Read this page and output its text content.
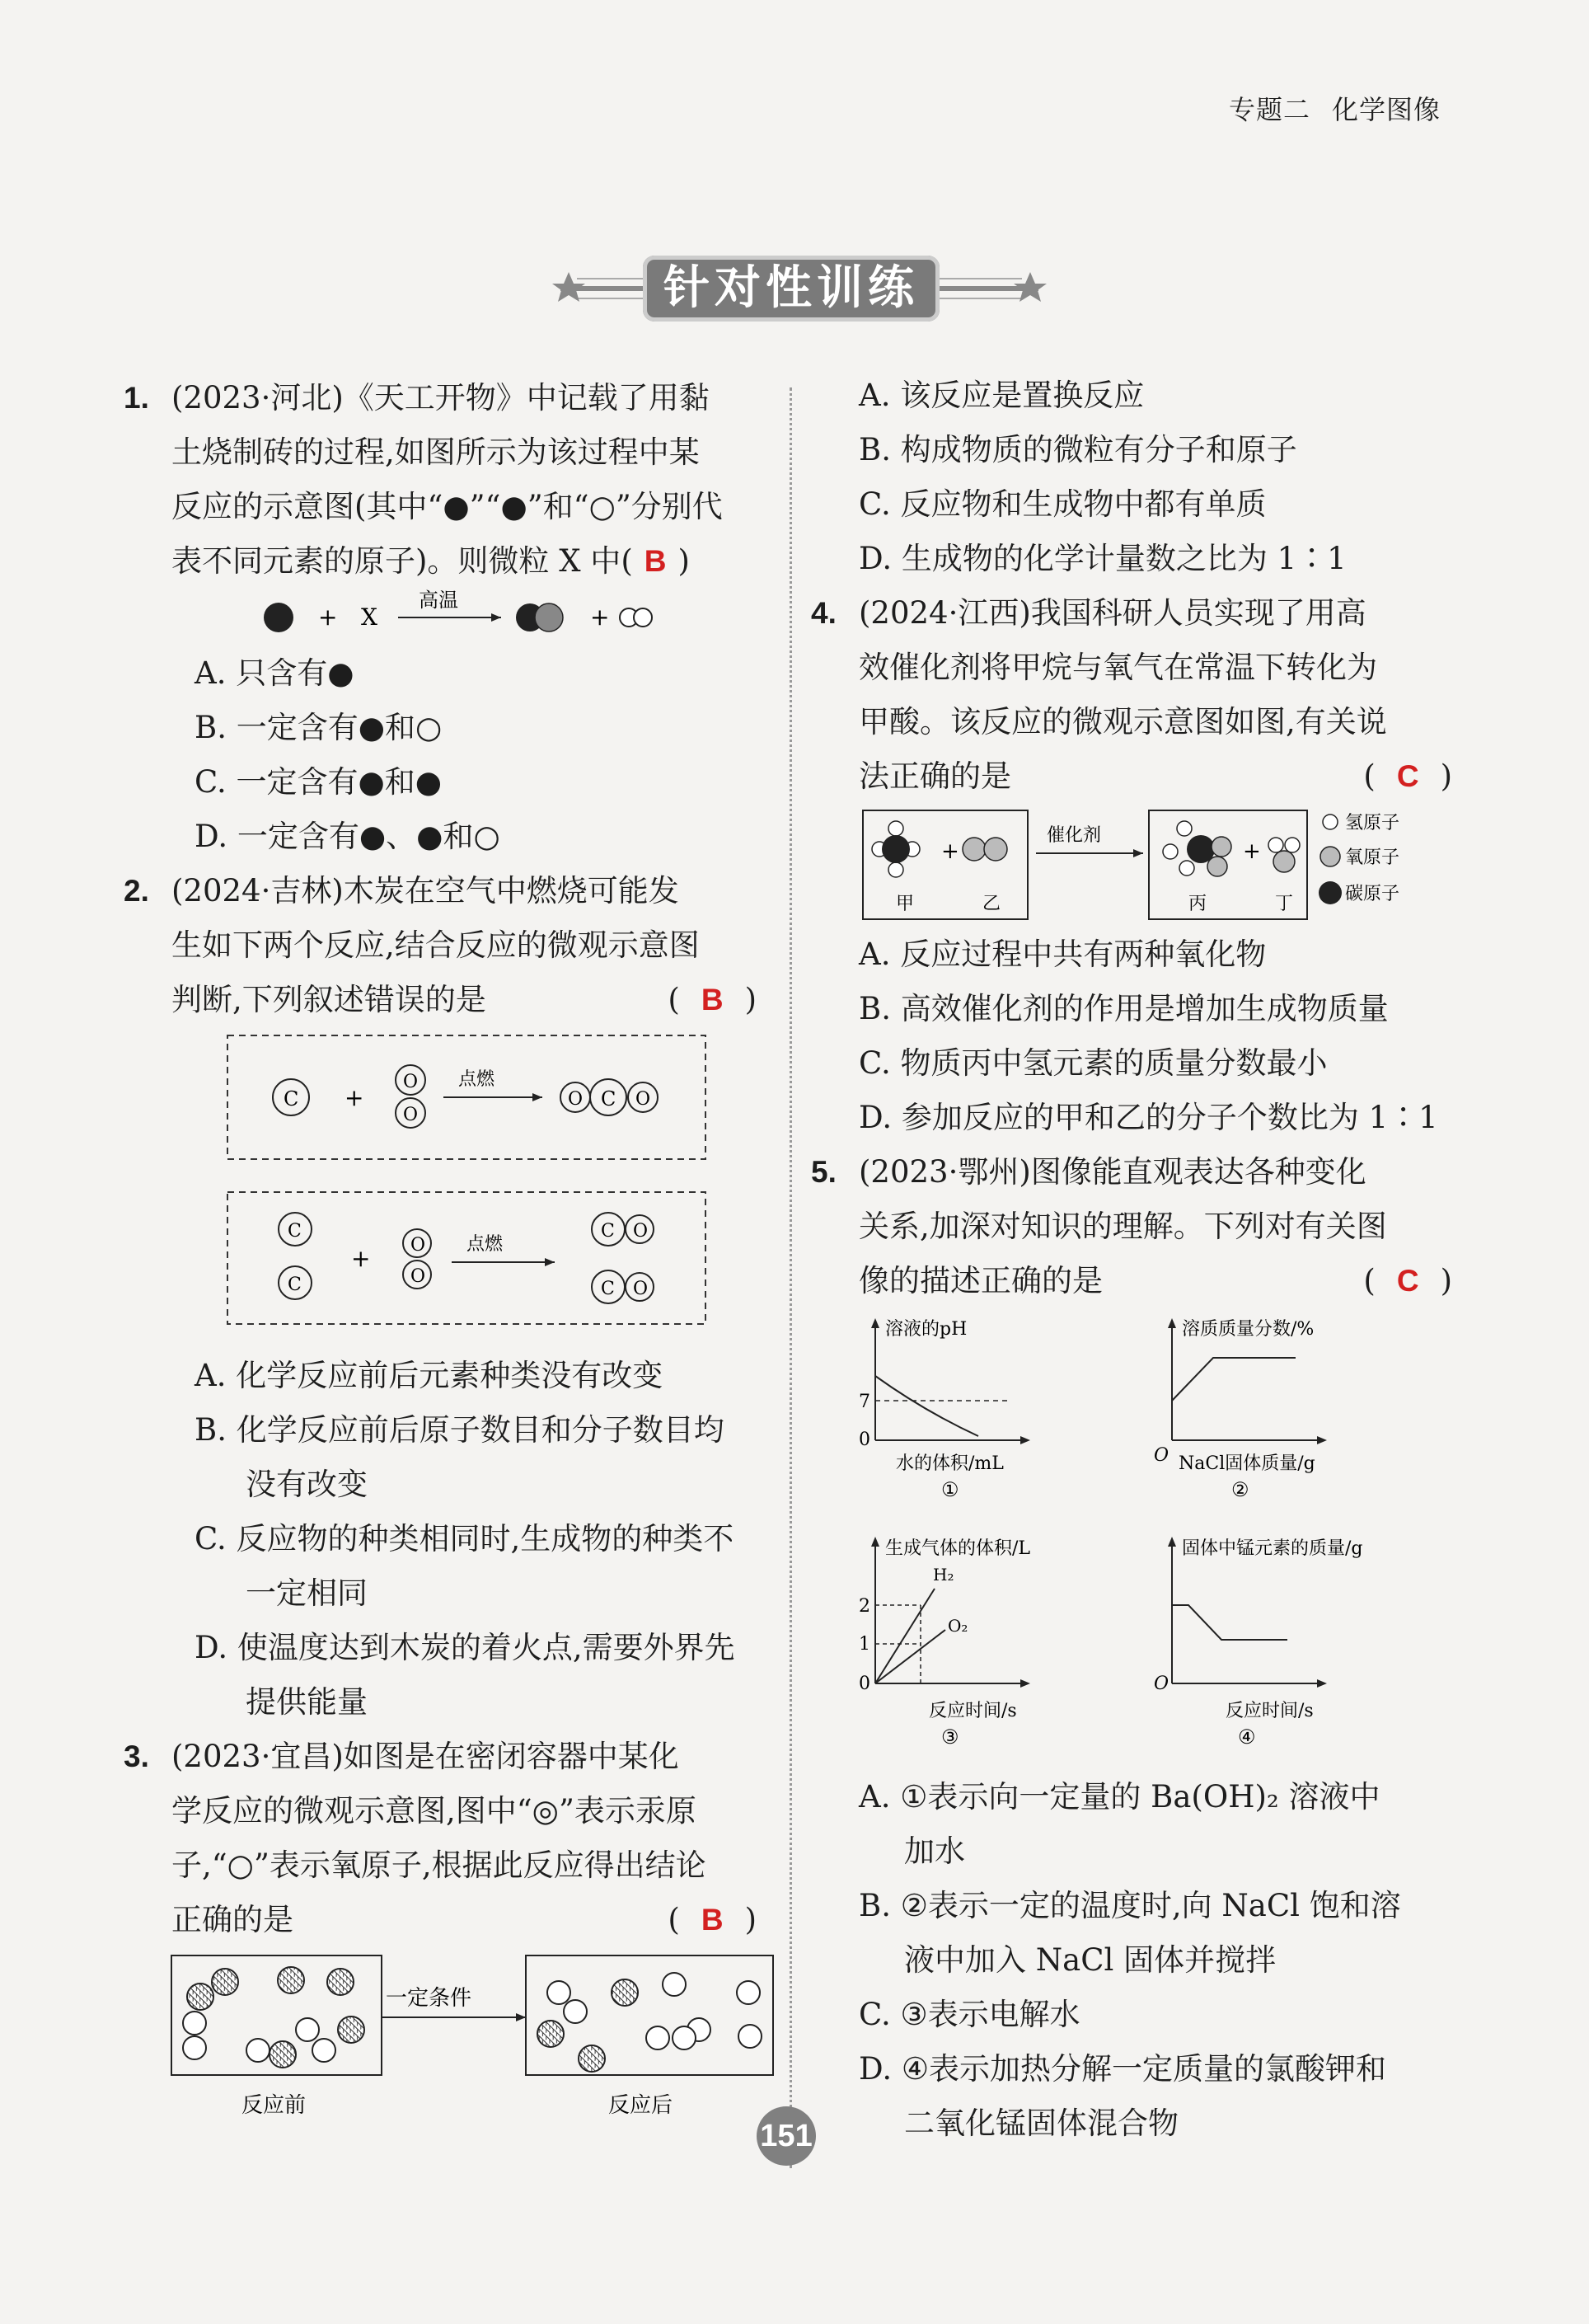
专题二 化学图像
针对性训练
1. (2023·河北)《天工开物》中记载了用黏
土烧制砖的过程,如图所示为该过程中某
反应的示意图(其中“●”“●”和“○”分别代
表不同元素的原子)。则微粒 X 中( B )
+ X
高温
+
A. 只含有●
B. 一定含有●和○
C. 一定含有●和●
D. 一定含有●、●和○
2. (2024·吉林)木炭在空气中燃烧可能发
生如下两个反应,结合反应的微观示意图
判断,下列叙述错误的是	( B )
C +
O
O
点燃
O C O
C
C
+ O
O
点燃
C O
C O
A. 化学反应前后元素种类没有改变
B. 化学反应前后原子数目和分子数目均
没有改变
C. 反应物的种类相同时,生成物的种类不
一定相同
D. 使温度达到木炭的着火点,需要外界先
提供能量
3. (2023·宜昌)如图是在密闭容器中某化
学反应的微观示意图,图中“◎”表示汞原
子,“○”表示氧原子,根据此反应得出结论
正确的是	( B )
一定条件
反应前	反应后
A. 该反应是置换反应
B. 构成物质的微粒有分子和原子
C. 反应物和生成物中都有单质
D. 生成物的化学计量数之比为 1∶1
4. (2024·江西)我国科研人员实现了用高
效催化剂将甲烷与氧气在常温下转化为
甲酸。该反应的微观示意图如图,有关说
法正确的是	( C )
+
甲	乙
催化剂
+
丙	丁
氢原子
氧原子
碳原子
A. 反应过程中共有两种氧化物
B. 高效催化剂的作用是增加生成物质量
C. 物质丙中氢元素的质量分数最小
D. 参加反应的甲和乙的分子个数比为 1∶1
5. (2023·鄂州)图像能直观表达各种变化
关系,加深对知识的理解。下列对有关图
像的描述正确的是	( C )
溶液的pH
7
0
水的体积/mL
①
溶质质量分数/%
O NaCl固体质量/g
②
生成气体的体积/L
2
1
0
H₂
O₂
反应时间/s
③
固体中锰元素的质量/g
O
反应时间/s
④
A. ①表示向一定量的 Ba(OH)₂ 溶液中
加水
B. ②表示一定的温度时,向 NaCl 饱和溶
液中加入 NaCl 固体并搅拌
C. ③表示电解水
D. ④表示加热分解一定质量的氯酸钾和
二氧化锰固体混合物
151
